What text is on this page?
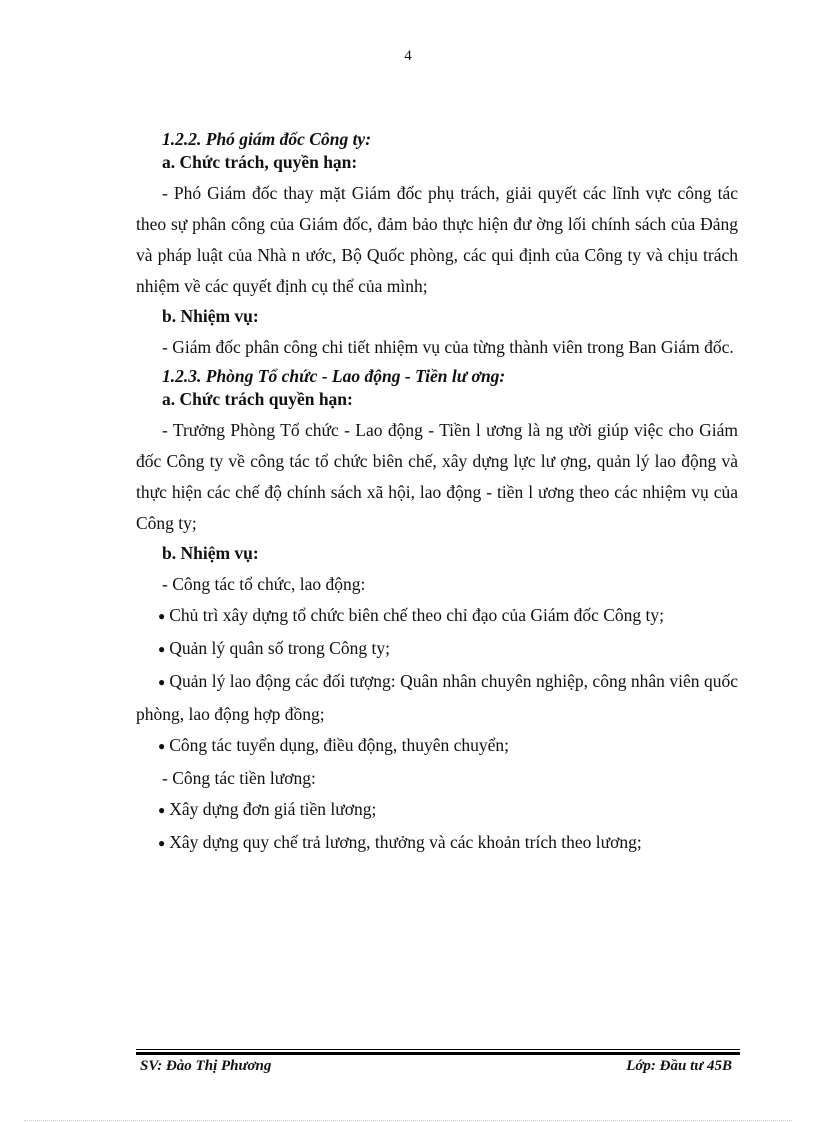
4

1.2.2. Phó giám đốc Công ty:

a. Chức trách, quyền hạn:

- Phó Giám đốc thay mặt Giám đốc phụ trách, giải quyết các lĩnh vực công tác theo sự phân công của Giám đốc, đảm bảo thực hiện đư ờng lối chính sách của Đảng và pháp luật của Nhà n ước, Bộ Quốc phòng, các qui định của Công ty và chịu trách nhiệm về các quyết định cụ thể của mình;

b. Nhiệm vụ:

- Giám đốc phân công chi tiết nhiệm vụ của từng thành viên trong Ban Giám đốc.

1.2.3. Phòng Tổ chức - Lao động - Tiền lư ơng:

a. Chức trách quyền hạn:

- Trưởng Phòng Tổ chức - Lao động - Tiền l ương là ng ười giúp việc cho Giám đốc Công ty về công tác tổ chức biên chế, xây dựng lực lư ợng, quản lý lao động và thực hiện các chế độ chính sách xã hội, lao động - tiền l ương theo các nhiệm vụ của Công ty;

b. Nhiệm vụ:

- Công tác tổ chức, lao động:

● Chủ trì xây dựng tổ chức biên chế theo chỉ đạo của Giám đốc Công ty;

● Quản lý quân số trong Công ty;

● Quản lý lao động các đối tượng: Quân nhân chuyên nghiệp, công nhân viên quốc phòng, lao động hợp đồng;

● Công tác tuyển dụng, điều động, thuyên chuyển;

- Công tác tiền lương:

● Xây dựng đơn giá tiền lương;

● Xây dựng quy chế trả lương, thưởng và các khoản trích theo lương;

SV: Đào Thị Phương	Lớp: Đầu tư 45B
